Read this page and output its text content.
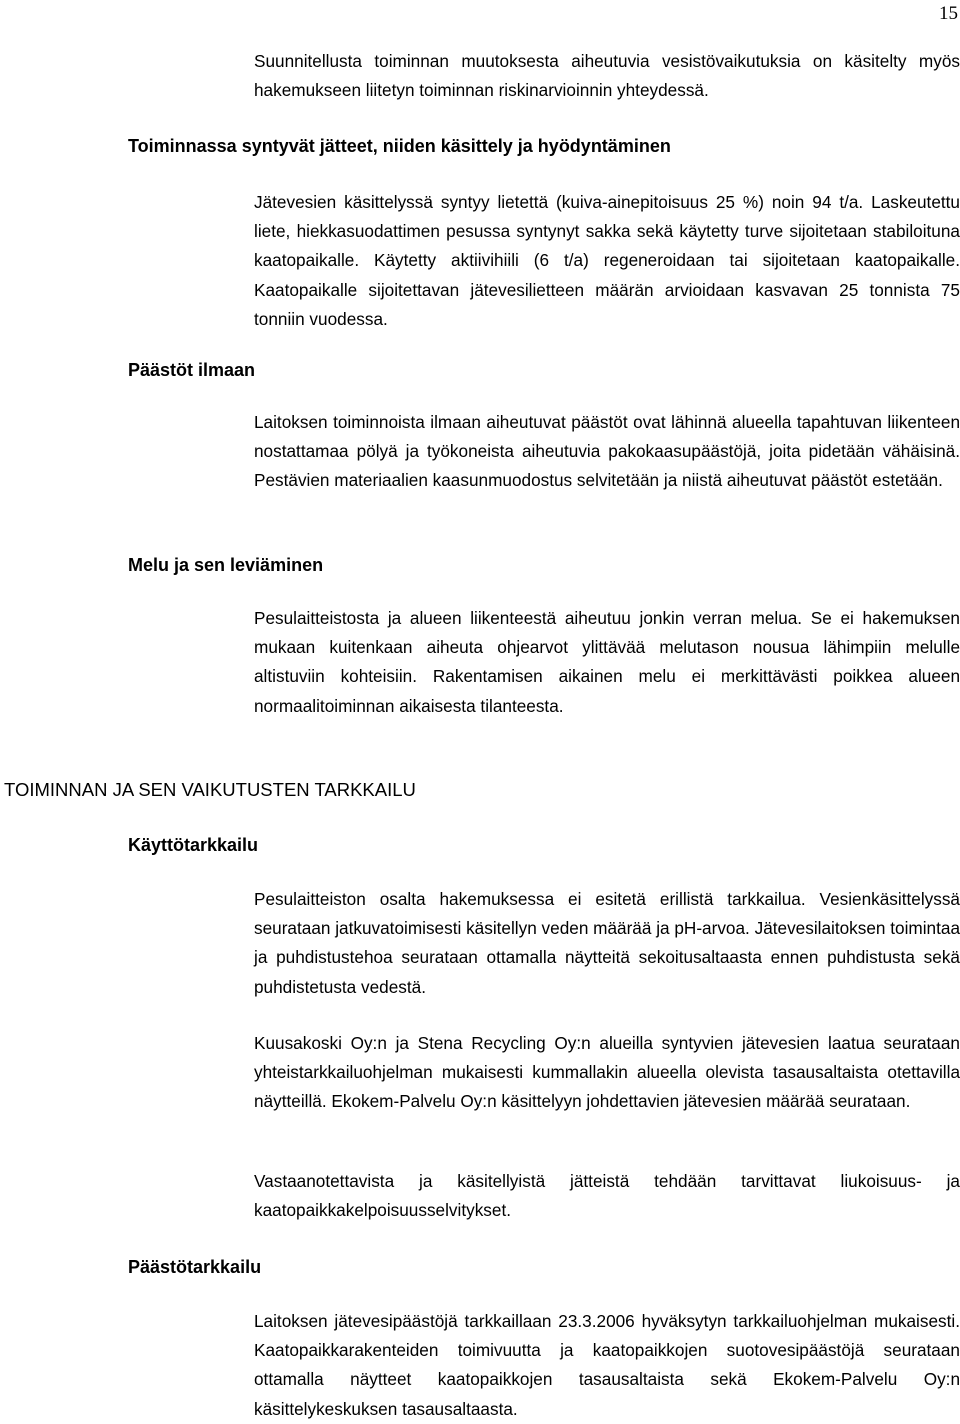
15
Suunnitellusta toiminnan muutoksesta aiheutuvia vesistövaikutuksia on käsitelty myös hakemukseen liitetyn toiminnan riskinarvioinnin yhteydessä.
Toiminnassa syntyvät jätteet, niiden käsittely ja hyödyntäminen
Jätevesien käsittelyssä syntyy lietettä (kuiva-ainepitoisuus 25 %) noin 94 t/a. Laskeutettu liete, hiekkasuodattimen pesussa syntynyt sakka sekä käytetty turve sijoitetaan stabiloituna kaatopaikalle. Käytetty aktiivihiili (6 t/a) regeneroidaan tai sijoitetaan kaatopaikalle. Kaatopaikalle sijoitettavan jätevesilietteen määrän arvioidaan kasvavan 25 tonnista 75 tonniin vuodessa.
Päästöt ilmaan
Laitoksen toiminnoista ilmaan aiheutuvat päästöt ovat lähinnä alueella tapahtuvan liikenteen nostattamaa pölyä ja työkoneista aiheutuvia pakokaasupäästöjä, joita pidetään vähäisinä. Pestävien materiaalien kaasunmuodostus selvitetään ja niistä aiheutuvat päästöt estetään.
Melu ja sen leviäminen
Pesulaitteistosta ja alueen liikenteestä aiheutuu jonkin verran melua. Se ei hakemuksen mukaan kuitenkaan aiheuta ohjearvot ylittävää melutason nousua lähimpiin melulle altistuviin kohteisiin. Rakentamisen aikainen melu ei merkittävästi poikkea alueen normaalitoiminnan aikaisesta tilanteesta.
TOIMINNAN JA SEN VAIKUTUSTEN TARKKAILU
Käyttötarkkailu
Pesulaitteiston osalta hakemuksessa ei esitetä erillistä tarkkailua. Vesienkäsittelyssä seurataan jatkuvatoimisesti käsitellyn veden määrää ja pH-arvoa. Jätevesilaitoksen toimintaa ja puhdistustehoa seurataan ottamalla näytteitä sekoitusaltaasta ennen puhdistusta sekä puhdistetusta vedestä.
Kuusakoski Oy:n ja Stena Recycling Oy:n alueilla syntyvien jätevesien laatua seurataan yhteistarkkailuohjelman mukaisesti kummallakin alueella olevista tasausaltaista otettavilla näytteillä. Ekokem-Palvelu Oy:n käsittelyyn johdettavien jätevesien määrää seurataan.
Vastaanotettavista ja käsitellyistä jätteistä tehdään tarvittavat liukoisuus- ja kaatopaikkakelpoisuusselvitykset.
Päästötarkkailu
Laitoksen jätevesipäästöjä tarkkaillaan 23.3.2006 hyväksytyn tarkkailuohjelman mukaisesti. Kaatopaikkarakenteiden toimivuutta ja kaatopaikkojen suotovesipäästöjä seurataan ottamalla näytteet kaatopaikkojen tasausaltaista sekä Ekokem-Palvelu Oy:n käsittelykeskuksen tasausaltaasta.
